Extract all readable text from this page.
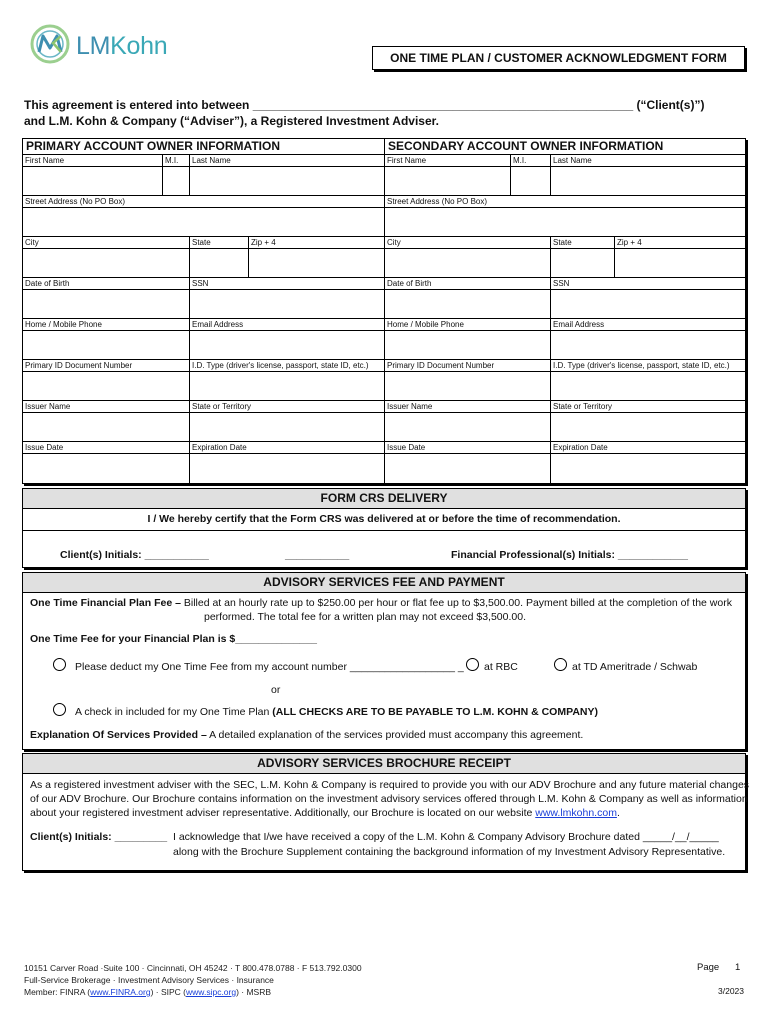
LMKohn	ONE TIME PLAN / CUSTOMER ACKNOWLEDGMENT FORM
This agreement is entered into between _________________________________________________________ (“Client(s)”)
and L.M. Kohn & Company (“Adviser”), a Registered Investment Adviser.
PRIMARY ACCOUNT OWNER INFORMATION	SECONDARY ACCOUNT OWNER INFORMATION
First Name	M.I.	Last Name	First Name	M.I.	Last Name
Street Address (No PO Box)	Street Address (No PO Box)
City	State	Zip + 4	City	State	Zip + 4
Date of Birth	SSN	Date of Birth	SSN
Home / Mobile Phone	Email Address	Home / Mobile Phone	Email Address
Primary ID Document Number	I.D. Type (driver's license, passport, state ID, etc.)	Primary ID Document Number	I.D. Type (driver's license, passport, state ID, etc.)
Issuer Name	State or Territory	Issuer Name	State or Territory
Issue Date	Expiration Date	Issue Date	Expiration Date
FORM CRS DELIVERY
I / We hereby certify that the Form CRS was delivered at or before the time of recommendation.
Client(s) Initials: ___________	___________	Financial Professional(s) Initials: ____________
ADVISORY SERVICES FEE AND PAYMENT
One Time Financial Plan Fee – Billed at an hourly rate up to $250.00 per hour or flat fee up to $3,500.00. Payment billed at the completion of the work
performed. The total fee for a written plan may not exceed $3,500.00.
One Time Fee for your Financial Plan is $______________
Please deduct my One Time Fee from my account number __________________ _ at RBC	at TD Ameritrade / Schwab
or
A check in included for my One Time Plan (ALL CHECKS ARE TO BE PAYABLE TO L.M. KOHN & COMPANY)
Explanation Of Services Provided – A detailed explanation of the services provided must accompany this agreement.
ADVISORY SERVICES BROCHURE RECEIPT
As a registered investment adviser with the SEC, L.M. Kohn & Company is required to provide you with our ADV Brochure and any future material changes
of our ADV Brochure. Our Brochure contains information on the investment advisory services offered through L.M. Kohn & Company as well as information
about your registered investment adviser representative. Additionally, our Brochure is located on our website www.lmkohn.com.
Client(s) Initials: _________ I acknowledge that I/we have received a copy of the L.M. Kohn & Company Advisory Brochure dated _____/__/_____
along with the Brochure Supplement containing the background information of my Investment Advisory Representative.
10151 Carver Road ·Suite 100 · Cincinnati, OH 45242 · T 800.478.0788 · F 513.792.0300
Full-Service Brokerage · Investment Advisory Services · Insurance
Member: FINRA (www.FINRA.org) · SIPC (www.sipc.org) · MSRB
Page 1
3/2023
